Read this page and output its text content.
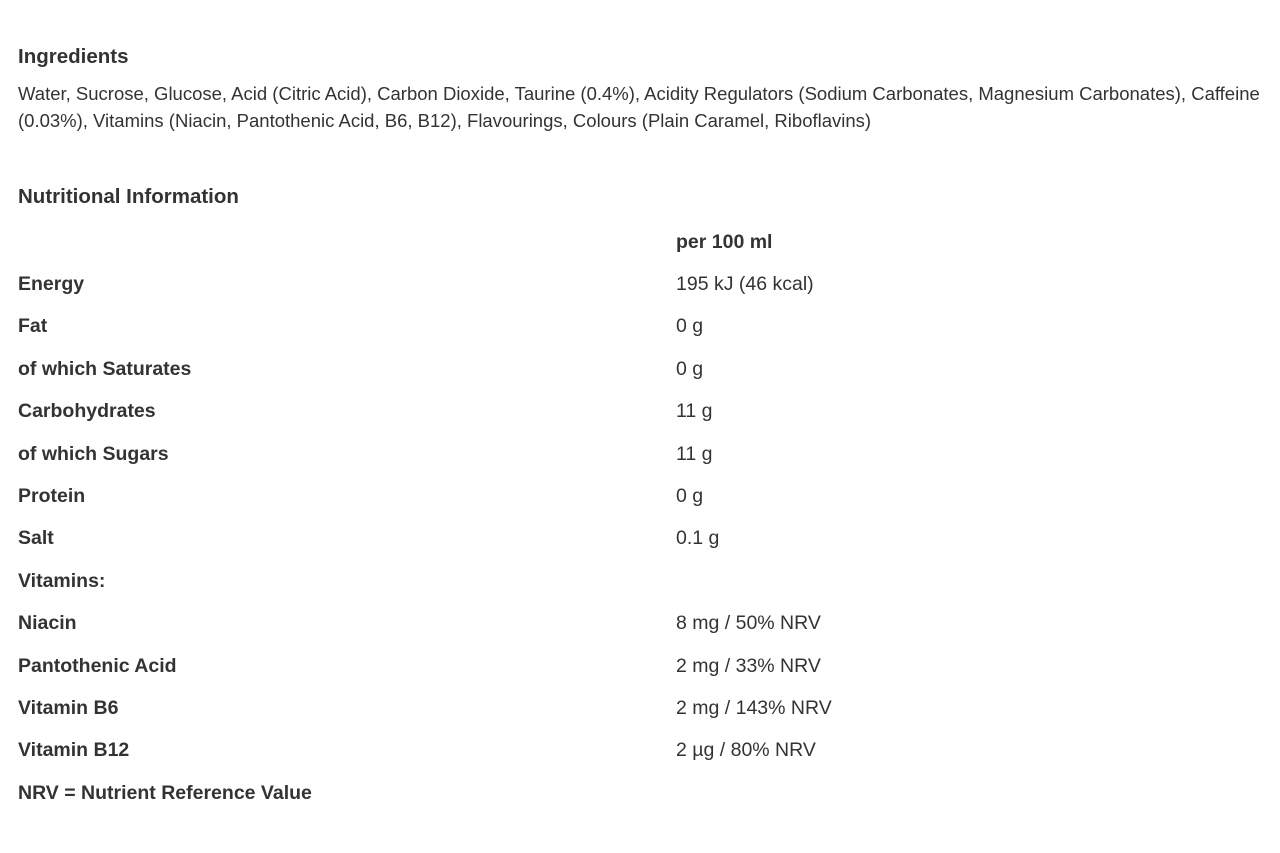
Ingredients

Water, Sucrose, Glucose, Acid (Citric Acid), Carbon Dioxide, Taurine (0.4%), Acidity Regulators (Sodium Carbonates, Magnesium Carbonates), Caffeine (0.03%), Vitamins (Niacin, Pantothenic Acid, B6, B12), Flavourings, Colours (Plain Caramel, Riboflavins)

Nutritional Information
	per 100 ml
Energy	195 kJ (46 kcal)
Fat	0 g
of which Saturates	0 g
Carbohydrates	11 g
of which Sugars	11 g
Protein	0 g
Salt	0.1 g
Vitamins:	
Niacin	8 mg / 50% NRV
Pantothenic Acid	2 mg / 33% NRV
Vitamin B6	2 mg / 143% NRV
Vitamin B12	2 µg / 80% NRV
NRV = Nutrient Reference Value	
